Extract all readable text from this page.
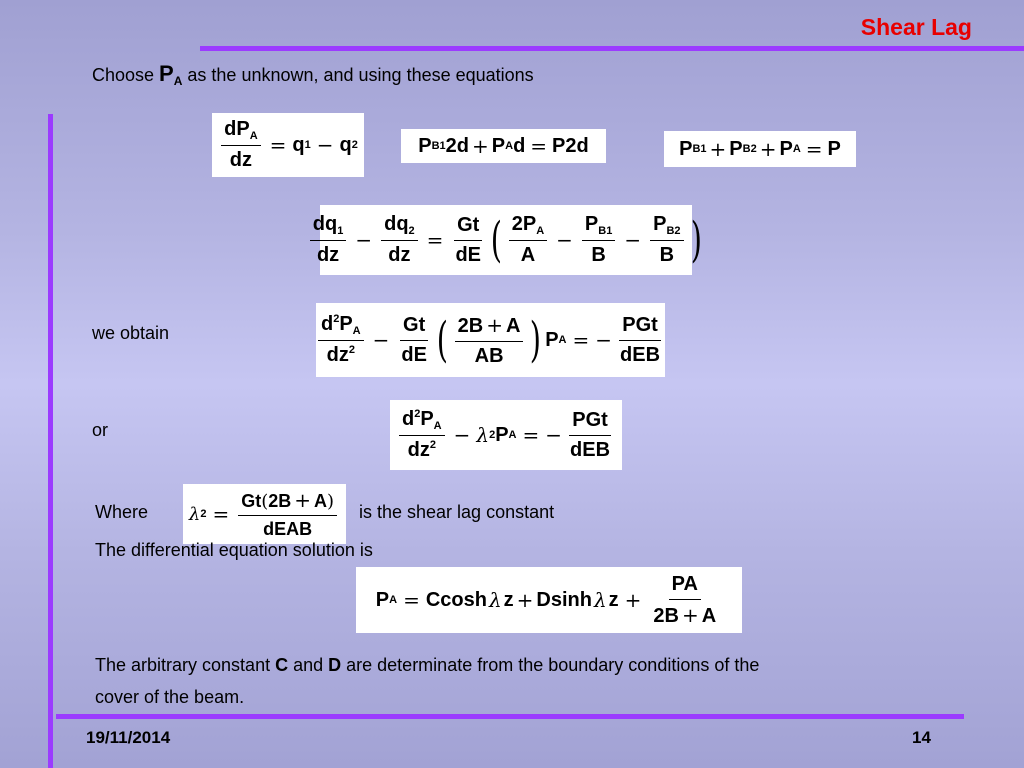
Shear Lag
Choose $P_A$ as the unknown, and using these equations
$\frac{dP_A}{dz} = q$ 1 − q 2	P B1 2d + P A d = P2d	P B1 + P B2 + P A = P
$\frac{dq_1}{dz} - \frac{dq_2}{dz} = \frac{Gt}{dE}$ ( $\frac{2P_A}{A} - \frac{P_{B1}}{B} - \frac{P_{B2}}{B}$ )
we obtain	$\frac{d^2P_A}{dz^2} - \frac{Gt}{dE}$ ( $\frac{2B + A}{AB}$ ) P A = − $\frac{\text{PGt}}{\text{dEB}}$
or	$\frac{d^2P_A}{dz^2} - \lambda$ 2 P A = − $\frac{\text{PGt}}{\text{dEB}}$
Where λ $2 = \frac{Gt(2B + A)}{\text{dEAB}}$ is the shear lag constant
The differential equation solution is
P A = Ccosh λ z + Dsinh λ $z + \frac{PA}{2B + A}$
The arbitrary constant C and D are determinate from the boundary conditions of the
cover of the beam.
19/11/2014	14
